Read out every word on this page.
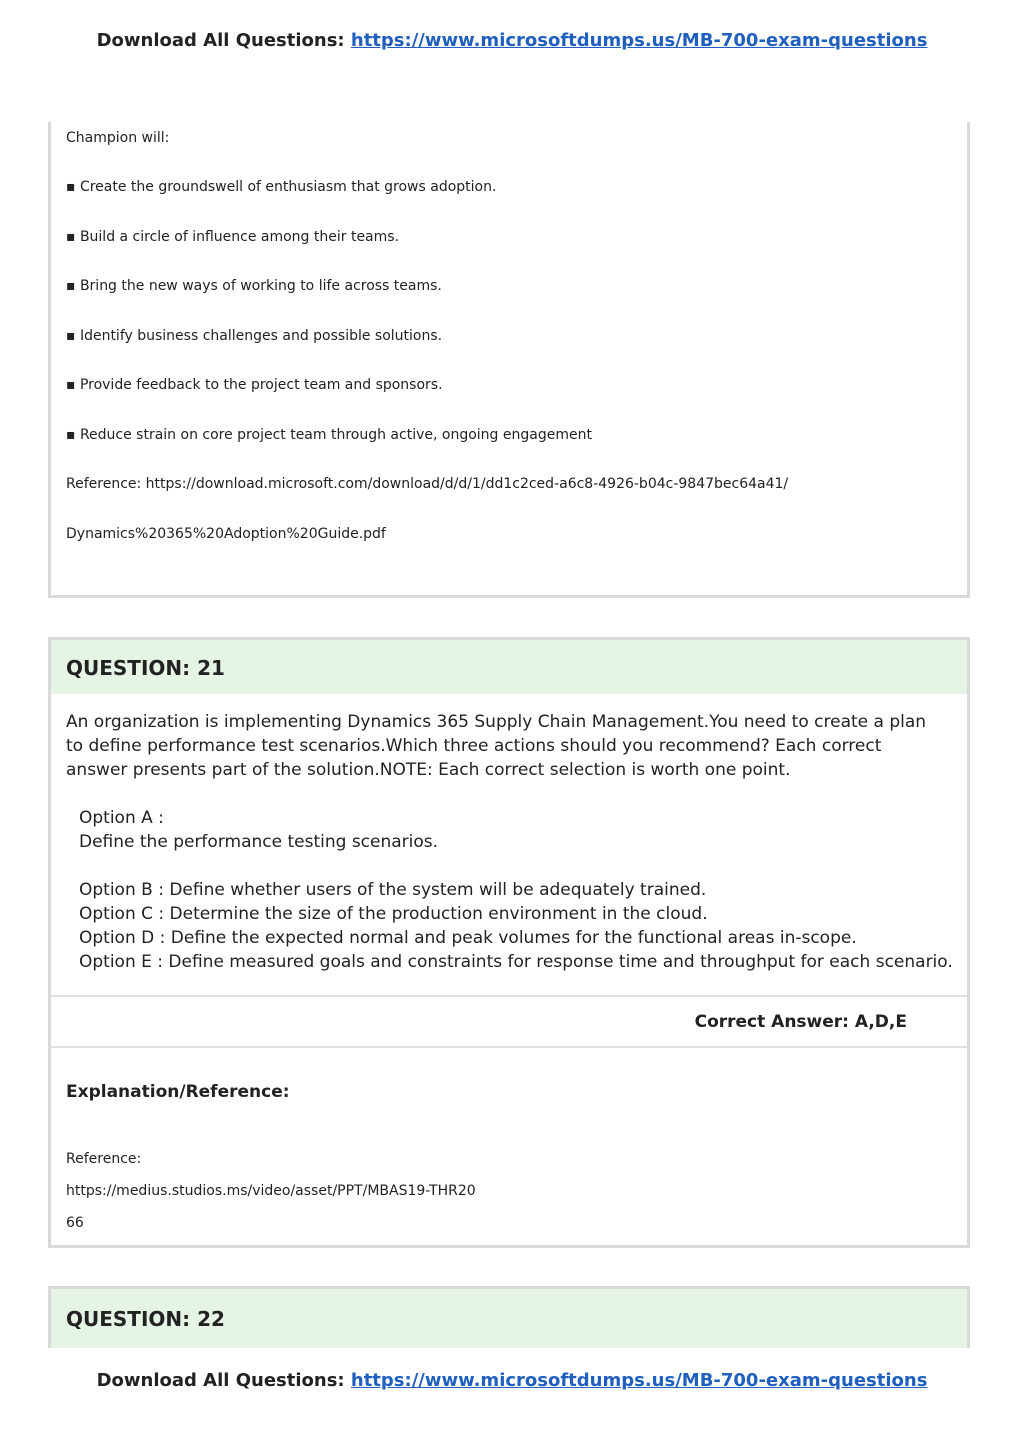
Download All Questions: https://www.microsoftdumps.us/MB-700-exam-questions
Champion will:
▪ Create the groundswell of enthusiasm that grows adoption.
▪ Build a circle of influence among their teams.
▪ Bring the new ways of working to life across teams.
▪ Identify business challenges and possible solutions.
▪ Provide feedback to the project team and sponsors.
▪ Reduce strain on core project team through active, ongoing engagement
Reference: https://download.microsoft.com/download/d/d/1/dd1c2ced-a6c8-4926-b04c-9847bec64a41/
Dynamics%20365%20Adoption%20Guide.pdf
QUESTION: 21
An organization is implementing Dynamics 365 Supply Chain Management.You need to create a plan to define performance test scenarios.Which three actions should you recommend? Each correct answer presents part of the solution.NOTE: Each correct selection is worth one point.
Option A :
Define the performance testing scenarios.
Option B : Define whether users of the system will be adequately trained.
Option C : Determine the size of the production environment in the cloud.
Option D : Define the expected normal and peak volumes for the functional areas in-scope.
Option E : Define measured goals and constraints for response time and throughput for each scenario.
Correct Answer: A,D,E
Explanation/Reference:
Reference:
https://medius.studios.ms/video/asset/PPT/MBAS19-THR20
66
QUESTION: 22
Download All Questions: https://www.microsoftdumps.us/MB-700-exam-questions
